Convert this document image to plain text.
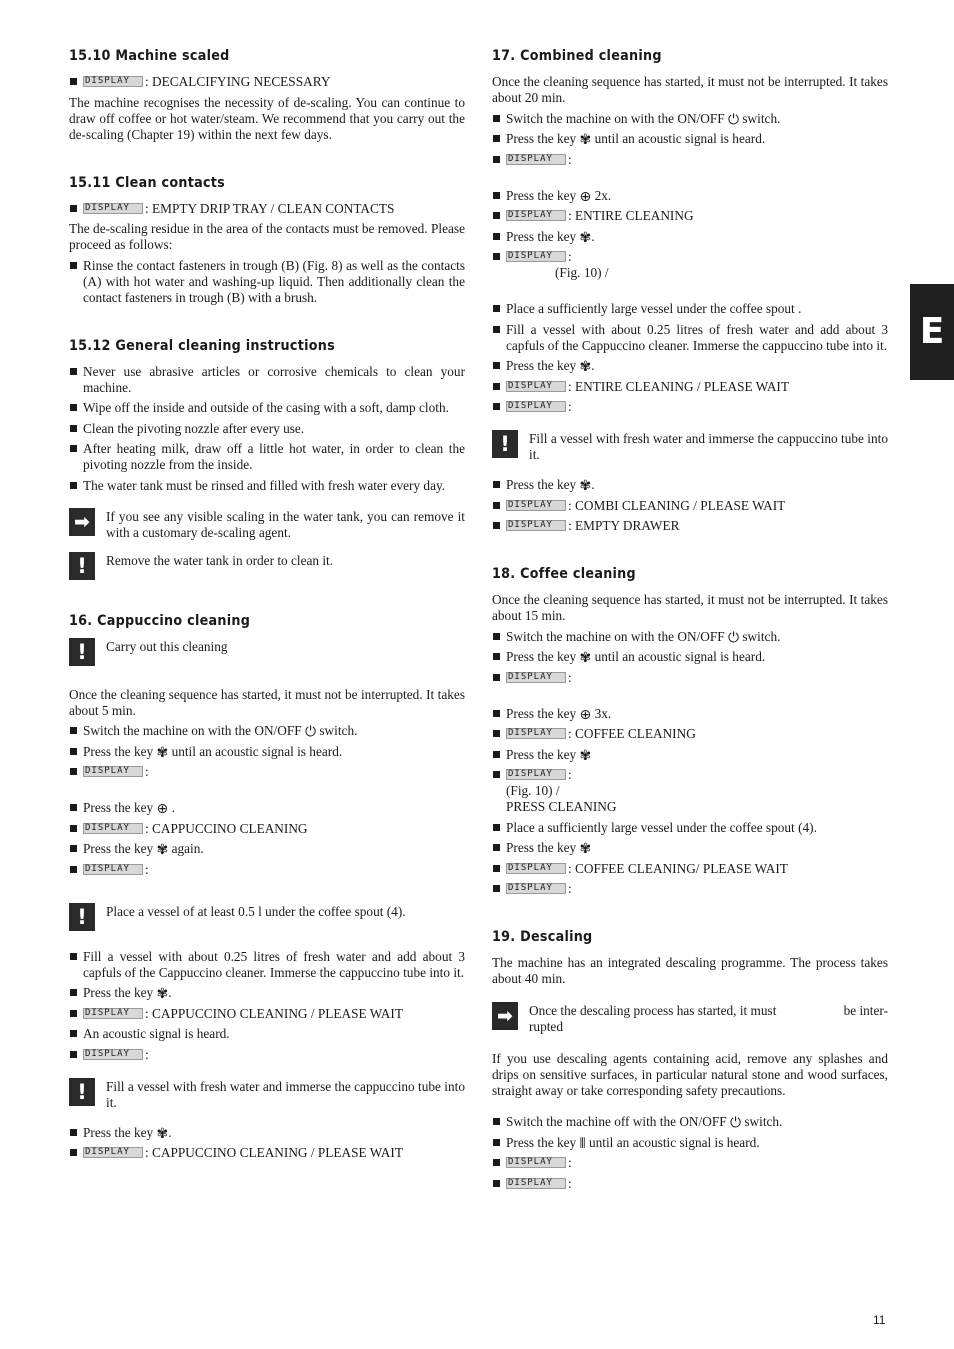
15.10 Machine scaled
DISPLAY : DECALCIFYING NECESSARY

The machine recognises the necessity of de-scaling. You can continue to draw off coffee or hot water/steam. We recommend that you carry out the de-scaling (Chapter 19) within the next few days.

15.11 Clean contacts
DISPLAY : EMPTY DRIP TRAY / CLEAN CONTACTS

The de-scaling residue in the area of the contacts must be removed. Please proceed as follows:

Rinse the contact fasteners in trough (B) (Fig. 8) as well as the contacts (A) with hot water and washing-up liquid. Then additionally clean the contact fasteners in trough (B) with a brush.
15.12 General cleaning instructions
Never use abrasive articles or corrosive chemicals to clean your machine.
Wipe off the inside and outside of the casing with a soft, damp cloth.
Clean the pivoting nozzle after every use.
After heating milk, draw off a little hot water, in order to clean the pivoting nozzle from the inside.
The water tank must be rinsed and filled with fresh water every day.
➡	If you see any visible scaling in the water tank, you can remove it with a customary de-scaling agent.
!	Remove the water tank in order to clean it.
16. Cappuccino cleaning
!	Carry out this cleaning

Once the cleaning sequence has started, it must not be interrupted. It takes about 5 min.

Switch the machine on with the ON/OFF ⏻ switch.
Press the key ✾ until an acoustic signal is heard.
DISPLAY :
Press the key ⊕ .
DISPLAY : CAPPUCCINO CLEANING
Press the key ✾ again.
DISPLAY :
!	Place a vessel of at least 0.5 l under the coffee spout (4).
Fill a vessel with about 0.25 litres of fresh water and add about 3 capfuls of the Cappuccino cleaner. Immerse the cappuccino tube into it.
Press the key ✾.
DISPLAY : CAPPUCCINO CLEANING / PLEASE WAIT
An acoustic signal is heard.
DISPLAY :
!	Fill a vessel with fresh water and immerse the cappuccino tube into it.
Press the key ✾.
DISPLAY : CAPPUCCINO CLEANING / PLEASE WAIT
17. Combined cleaning

Once the cleaning sequence has started, it must not be interrupted. It takes about 20 min.

Switch the machine on with the ON/OFF ⏻ switch.
Press the key ✾ until an acoustic signal is heard.
DISPLAY :
Press the key ⊕ 2x.
DISPLAY : ENTIRE CLEANING
Press the key ✾.
DISPLAY :
(Fig. 10) /
Place a sufficiently large vessel under the coffee spout .
Fill a vessel with about 0.25 litres of fresh water and add about 3 capfuls of the Cappuccino cleaner. Immerse the cappuccino tube into it.
Press the key ✾.
DISPLAY : ENTIRE CLEANING / PLEASE WAIT
DISPLAY :
!	Fill a vessel with fresh water and immerse the cappuccino tube into it.
Press the key ✾.
DISPLAY : COMBI CLEANING / PLEASE WAIT
DISPLAY : EMPTY DRAWER
18. Coffee cleaning

Once the cleaning sequence has started, it must not be interrupted. It takes about 15 min.

Switch the machine on with the ON/OFF ⏻ switch.
Press the key ✾ until an acoustic signal is heard.
DISPLAY :
Press the key ⊕ 3x.
DISPLAY : COFFEE CLEANING
Press the key ✾
DISPLAY :
(Fig. 10) /
PRESS CLEANING
Place a sufficiently large vessel under the coffee spout (4).
Press the key ✾
DISPLAY : COFFEE CLEANING/ PLEASE WAIT
DISPLAY :
19. Descaling

The machine has an integrated descaling programme. The process takes about 40 min.

➡	Once the descaling process has started, it must	be inter-
rupted

If you use descaling agents containing acid, remove any splashes and drips on sensitive surfaces, in particular natural stone and wood surfaces, straight away or take corresponding safety precautions.

Switch the machine off with the ON/OFF ⏻ switch.
Press the key ⦀ until an acoustic signal is heard.
DISPLAY :
DISPLAY :
E
11
